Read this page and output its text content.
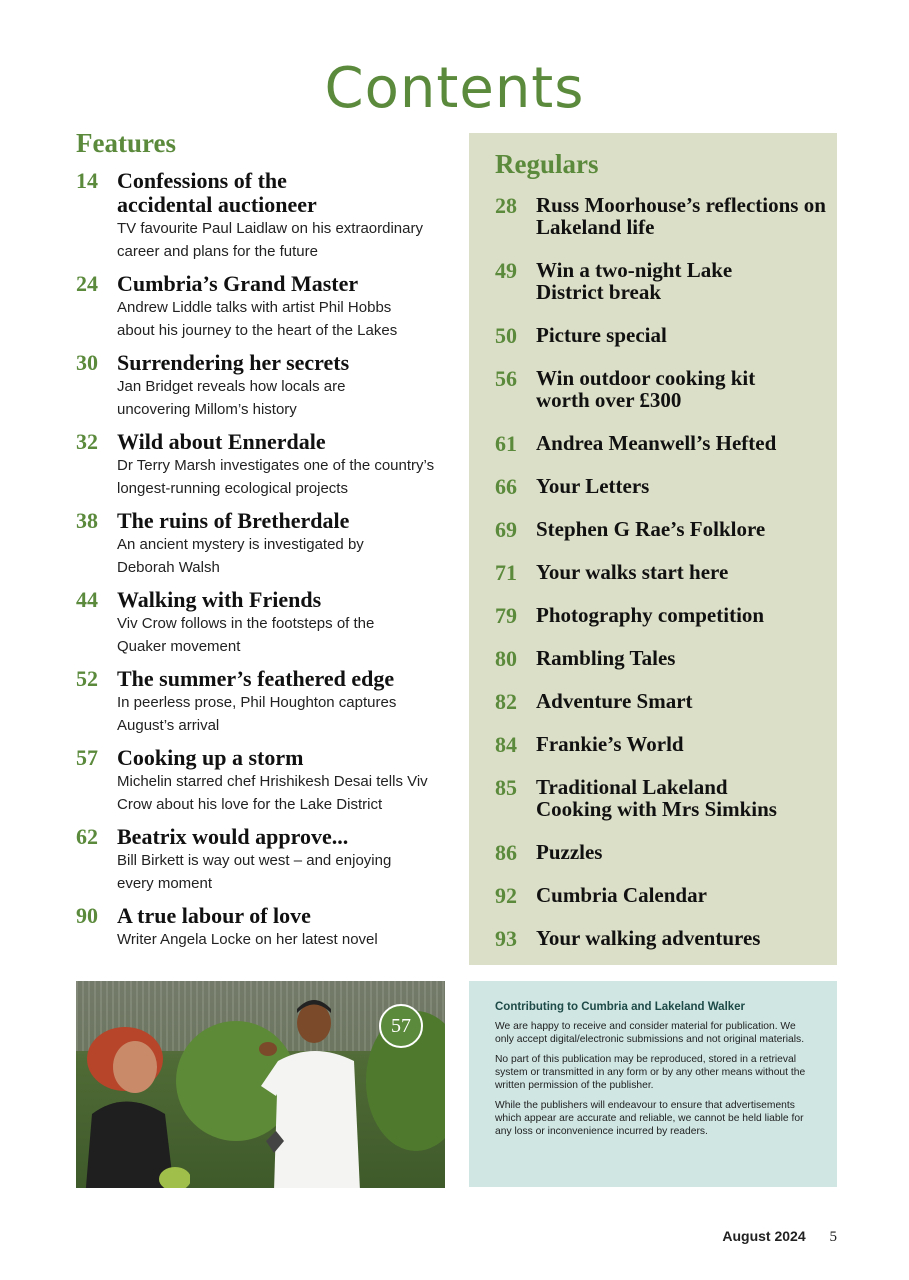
Contents
Features
14 Confessions of the accidental auctioneer
TV favourite Paul Laidlaw on his extraordinary career and plans for the future
24 Cumbria’s Grand Master
Andrew Liddle talks with artist Phil Hobbs about his journey to the heart of the Lakes
30 Surrendering her secrets
Jan Bridget reveals how locals are uncovering Millom’s history
32 Wild about Ennerdale
Dr Terry Marsh investigates one of the country’s longest-running ecological projects
38 The ruins of Bretherdale
An ancient mystery is investigated by Deborah Walsh
44 Walking with Friends
Viv Crow follows in the footsteps of the Quaker movement
52 The summer’s feathered edge
In peerless prose, Phil Houghton captures August’s arrival
57 Cooking up a storm
Michelin starred chef Hrishikesh Desai tells Viv Crow about his love for the Lake District
62 Beatrix would approve...
Bill Birkett is way out west – and enjoying every moment
90 A true labour of love
Writer Angela Locke on her latest novel
Regulars
28 Russ Moorhouse’s reflections on Lakeland life
49 Win a two-night Lake District break
50 Picture special
56 Win outdoor cooking kit worth over £300
61 Andrea Meanwell’s Hefted
66 Your Letters
69 Stephen G Rae’s Folklore
71 Your walks start here
79 Photography competition
80 Rambling Tales
82 Adventure Smart
84 Frankie’s World
85 Traditional Lakeland Cooking with Mrs Simkins
86 Puzzles
92 Cumbria Calendar
93 Your walking adventures
57
Contributing to Cumbria and Lakeland Walker

We are happy to receive and consider material for publication. We only accept digital/electronic submissions and not original materials.

No part of this publication may be reproduced, stored in a retrieval system or transmitted in any form or by any other means without the written permission of the publisher.

While the publishers will endeavour to ensure that advertisements which appear are accurate and reliable, we cannot be held liable for any loss or inconvenience incurred by readers.

August 2024 5
